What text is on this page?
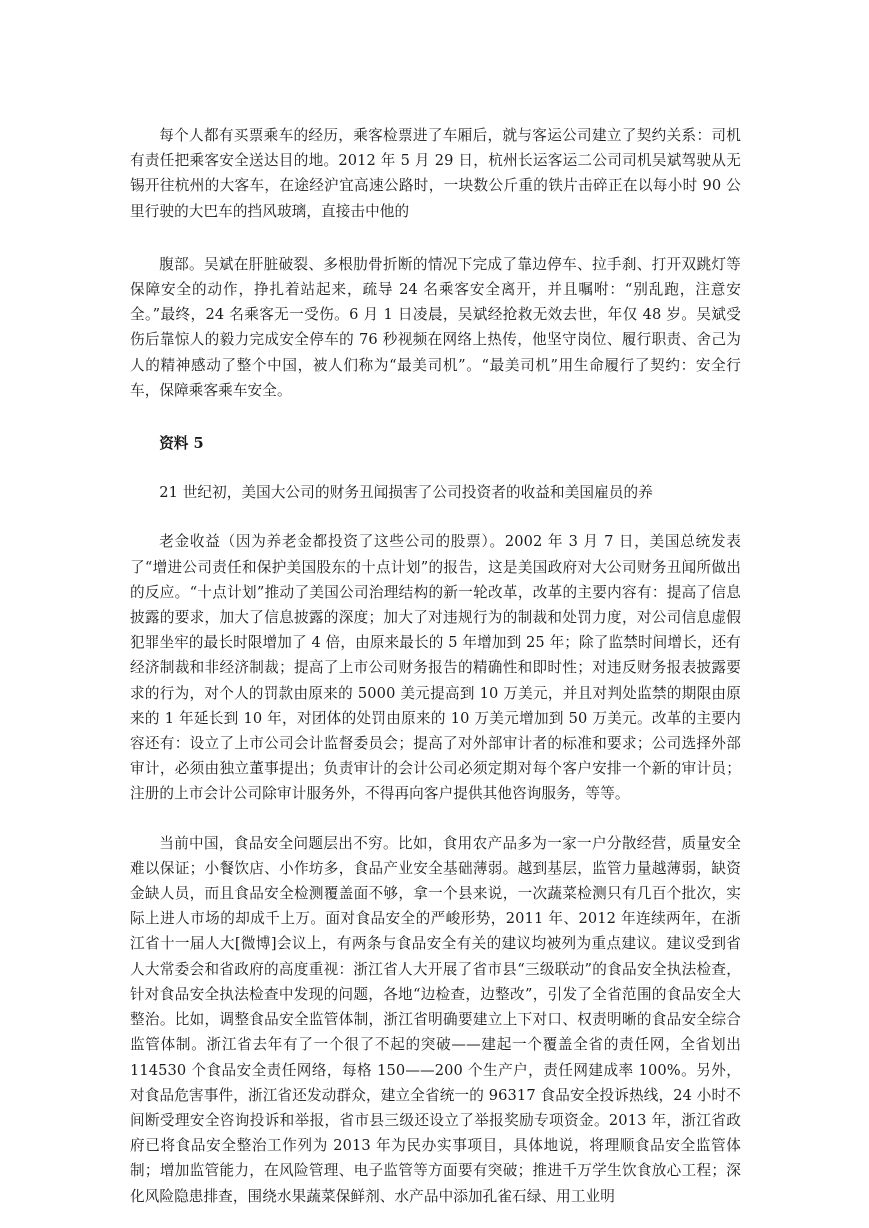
每个人都有买票乘车的经历，乘客检票进了车厢后，就与客运公司建立了契约关系：司机有责任把乘客安全送达目的地。2012 年 5 月 29 日，杭州长运客运二公司司机吴斌驾驶从无锡开往杭州的大客车，在途经沪宜高速公路时，一块数公斤重的铁片击碎正在以每小时 90 公里行驶的大巴车的挡风玻璃，直接击中他的

腹部。吴斌在肝脏破裂、多根肋骨折断的情况下完成了靠边停车、拉手刹、打开双跳灯等保障安全的动作，挣扎着站起来，疏导 24 名乘客安全离开，并且嘱咐：“别乱跑，注意安全。”最终，24 名乘客无一受伤。6 月 1 日凌晨，吴斌经抢救无效去世，年仅 48 岁。吴斌受伤后靠惊人的毅力完成安全停车的 76 秒视频在网络上热传，他坚守岗位、履行职责、舍己为人的精神感动了整个中国，被人们称为“最美司机”。“最美司机”用生命履行了契约：安全行车，保障乘客乘车安全。

资料 5

21 世纪初，美国大公司的财务丑闻损害了公司投资者的收益和美国雇员的养

老金收益（因为养老金都投资了这些公司的股票）。2002 年 3 月 7 日，美国总统发表了“增进公司责任和保护美国股东的十点计划”的报告，这是美国政府对大公司财务丑闻所做出的反应。“十点计划”推动了美国公司治理结构的新一轮改革，改革的主要内容有：提高了信息披露的要求，加大了信息披露的深度；加大了对违规行为的制裁和处罚力度，对公司信息虚假犯罪坐牢的最长时限增加了 4 倍，由原来最长的 5 年增加到 25 年；除了监禁时间增长，还有经济制裁和非经济制裁；提高了上市公司财务报告的精确性和即时性；对违反财务报表披露要求的行为，对个人的罚款由原来的 5000 美元提高到 10 万美元，并且对判处监禁的期限由原来的 1 年延长到 10 年，对团体的处罚由原来的 10 万美元增加到 50 万美元。改革的主要内容还有：设立了上市公司会计监督委员会；提高了对外部审计者的标准和要求；公司选择外部审计，必须由独立董事提出；负责审计的会计公司必须定期对每个客户安排一个新的审计员；注册的上市会计公司除审计服务外，不得再向客户提供其他咨询服务，等等。

当前中国，食品安全问题层出不穷。比如，食用农产品多为一家一户分散经营，质量安全难以保证；小餐饮店、小作坊多，食品产业安全基础薄弱。越到基层，监管力量越薄弱，缺资金缺人员，而且食品安全检测覆盖面不够，拿一个县来说，一次蔬菜检测只有几百个批次，实际上进人市场的却成千上万。面对食品安全的严峻形势，2011 年、2012 年连续两年，在浙江省十一届人大[微博]会议上，有两条与食品安全有关的建议均被列为重点建议。建议受到省人大常委会和省政府的高度重视：浙江省人大开展了省市县“三级联动”的食品安全执法检查，针对食品安全执法检查中发现的问题，各地“边检查，边整改”，引发了全省范围的食品安全大整治。比如，调整食品安全监管体制，浙江省明确要建立上下对口、权责明晰的食品安全综合监管体制。浙江省去年有了一个很了不起的突破——建起一个覆盖全省的责任网，全省划出 114530 个食品安全责任网络，每格 150——200 个生产户，责任网建成率 100%。另外，对食品危害事件，浙江省还发动群众，建立全省统一的 96317 食品安全投诉热线，24 小时不间断受理安全咨询投诉和举报，省市县三级还设立了举报奖励专项资金。2013 年，浙江省政府已将食品安全整治工作列为 2013 年为民办实事项目，具体地说，将理顺食品安全监管体制；增加监管能力，在风险管理、电子监管等方面要有突破；推进千万学生饮食放心工程；深化风险隐患排查，围绕水果蔬菜保鲜剂、水产品中添加孔雀石绿、用工业明
